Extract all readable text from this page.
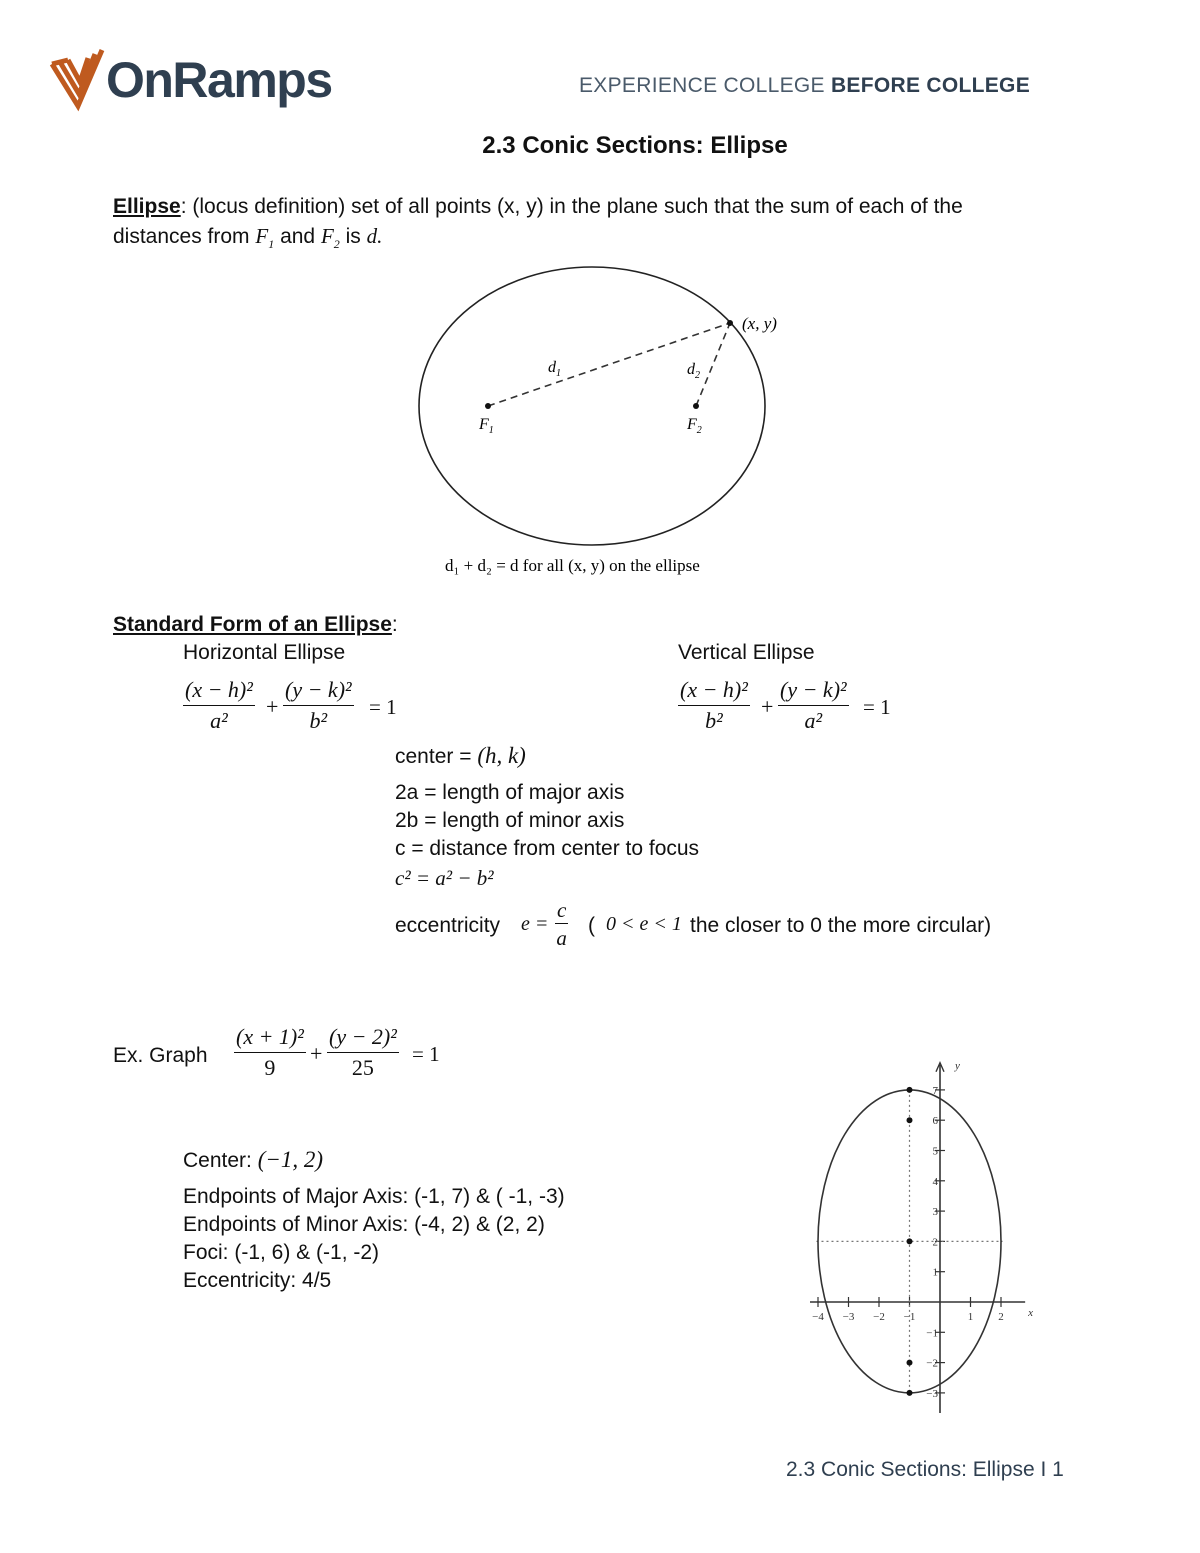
OnRamps	EXPERIENCE COLLEGE BEFORE COLLEGE
2.3 Conic Sections: Ellipse
Ellipse: (locus definition) set of all points (x, y) in the plane such that the sum of each of the
distances from $F_1$ and $F_2$ is d.
(x, y)
$d_1$	$d_2$
$F_1$	$F_2$
d₁ + d₂ = d for all (x, y) on the ellipse
Standard Form of an Ellipse:
Horizontal Ellipse	Vertical Ellipse
(x − h)²
a²
+
(y − k)²
b²
= 1
(x − h)²
b²
+
(y − k)²
a²
= 1
center = (h, k)
2a = length of major axis
2b = length of minor axis
c = distance from center to focus
c² = a² − b²
eccentricity e =
c
a
( 0 < e < 1 the closer to 0 the more circular)
Ex. Graph
(x + 1)²
9
+
(y − 2)²
25
= 1
Center: (−1, 2)
Endpoints of Major Axis: (-1, 7) & ( -1, -3)
Endpoints of Minor Axis: (-4, 2) & (2, 2)
Foci: (-1, 6) & (-1, -2)
Eccentricity: 4/5
x
y
−4 −3 −2 −1	1 2
−3
−2
−1
1
2
3
4
5
6
7
2.3 Conic Sections: Ellipse I 1
